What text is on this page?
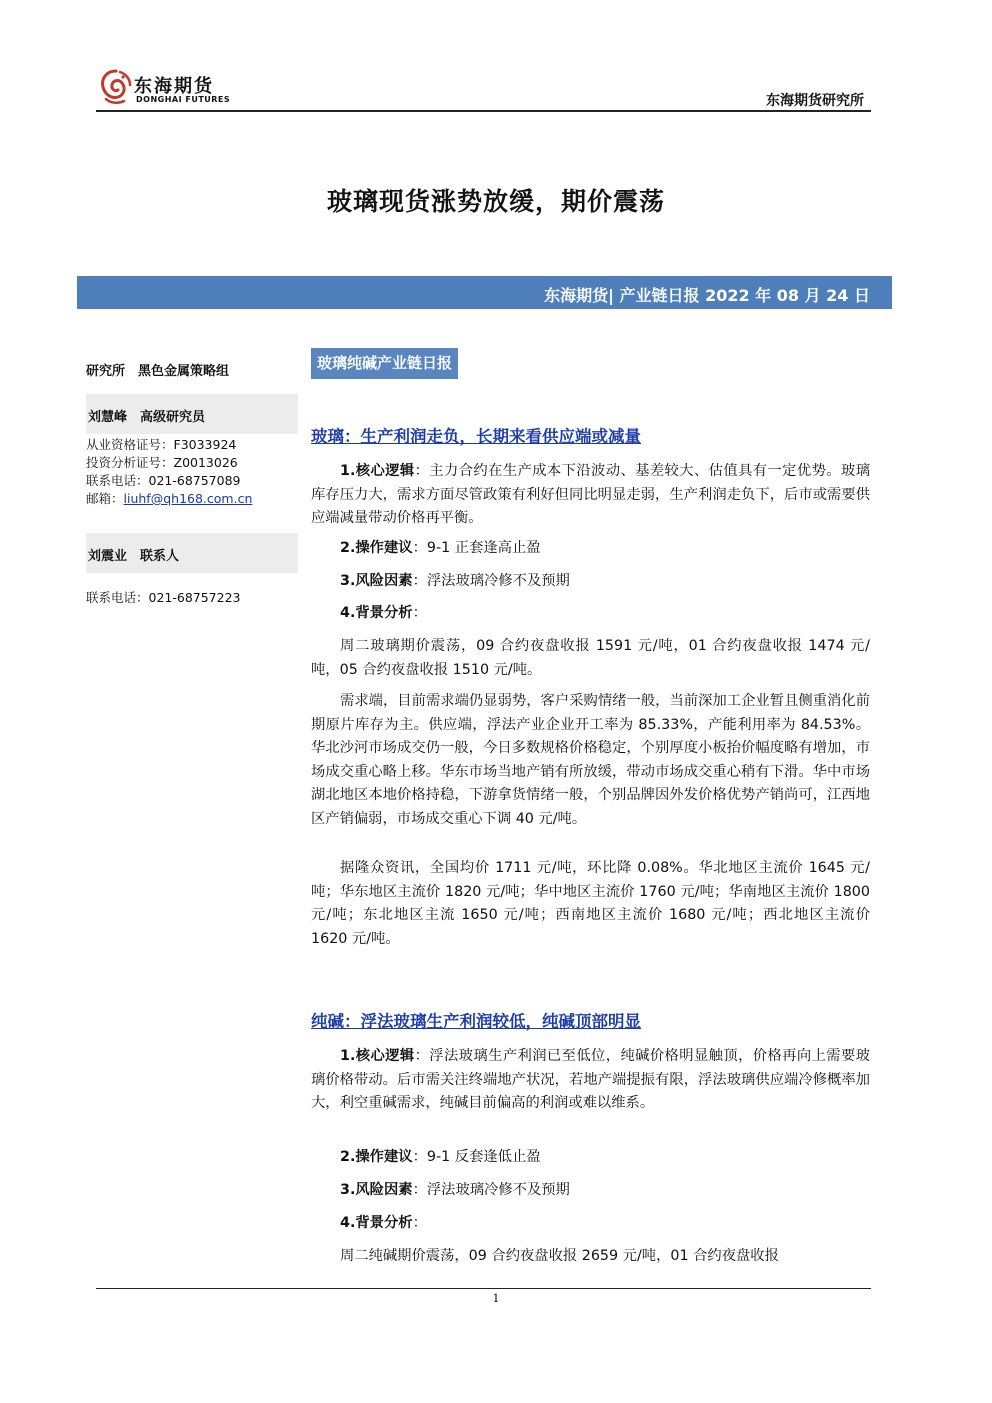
东海期货
DONGHAI FUTURES	东海期货研究所
玻璃现货涨势放缓，期价震荡
东海期货| 产业链日报 2022 年 08 月 24 日
研究所　黑色金属策略组
刘慧峰　高级研究员
从业资格证号：F3033924
投资分析证号：Z0013026
联系电话：021-68757089
邮箱：liuhf@qh168.com.cn
刘震业　联系人
联系电话：021-68757223
玻璃纯碱产业链日报
玻璃：生产利润走负，长期来看供应端或减量
1.核心逻辑：主力合约在生产成本下沿波动、基差较大、估值具有一定优势。玻璃库存压力大，需求方面尽管政策有利好但同比明显走弱，生产利润走负下，后市或需要供应端减量带动价格再平衡。
2.操作建议：9-1 正套逢高止盈
3.风险因素：浮法玻璃冷修不及预期
4.背景分析：
周二玻璃期价震荡，09 合约夜盘收报 1591 元/吨，01 合约夜盘收报 1474 元/吨，05 合约夜盘收报 1510 元/吨。
需求端，目前需求端仍显弱势，客户采购情绪一般，当前深加工企业暂且侧重消化前期原片库存为主。供应端，浮法产业企业开工率为 85.33%，产能利用率为 84.53%。华北沙河市场成交仍一般，今日多数规格价格稳定，个别厚度小板抬价幅度略有增加，市场成交重心略上移。华东市场当地产销有所放缓，带动市场成交重心稍有下滑。华中市场湖北地区本地价格持稳，下游拿货情绪一般，个别品牌因外发价格优势产销尚可，江西地区产销偏弱，市场成交重心下调 40 元/吨。
据隆众资讯，全国均价 1711 元/吨，环比降 0.08%。华北地区主流价 1645 元/吨；华东地区主流价 1820 元/吨；华中地区主流价 1760 元/吨；华南地区主流价 1800 元/吨；东北地区主流 1650 元/吨；西南地区主流价 1680 元/吨；西北地区主流价 1620 元/吨。
纯碱：浮法玻璃生产利润较低，纯碱顶部明显
1.核心逻辑：浮法玻璃生产利润已至低位，纯碱价格明显触顶，价格再向上需要玻璃价格带动。后市需关注终端地产状况，若地产端提振有限，浮法玻璃供应端冷修概率加大，利空重碱需求，纯碱目前偏高的利润或难以维系。
2.操作建议：9-1 反套逢低止盈
3.风险因素：浮法玻璃冷修不及预期
4.背景分析：
周二纯碱期价震荡，09 合约夜盘收报 2659 元/吨，01 合约夜盘收报
1
